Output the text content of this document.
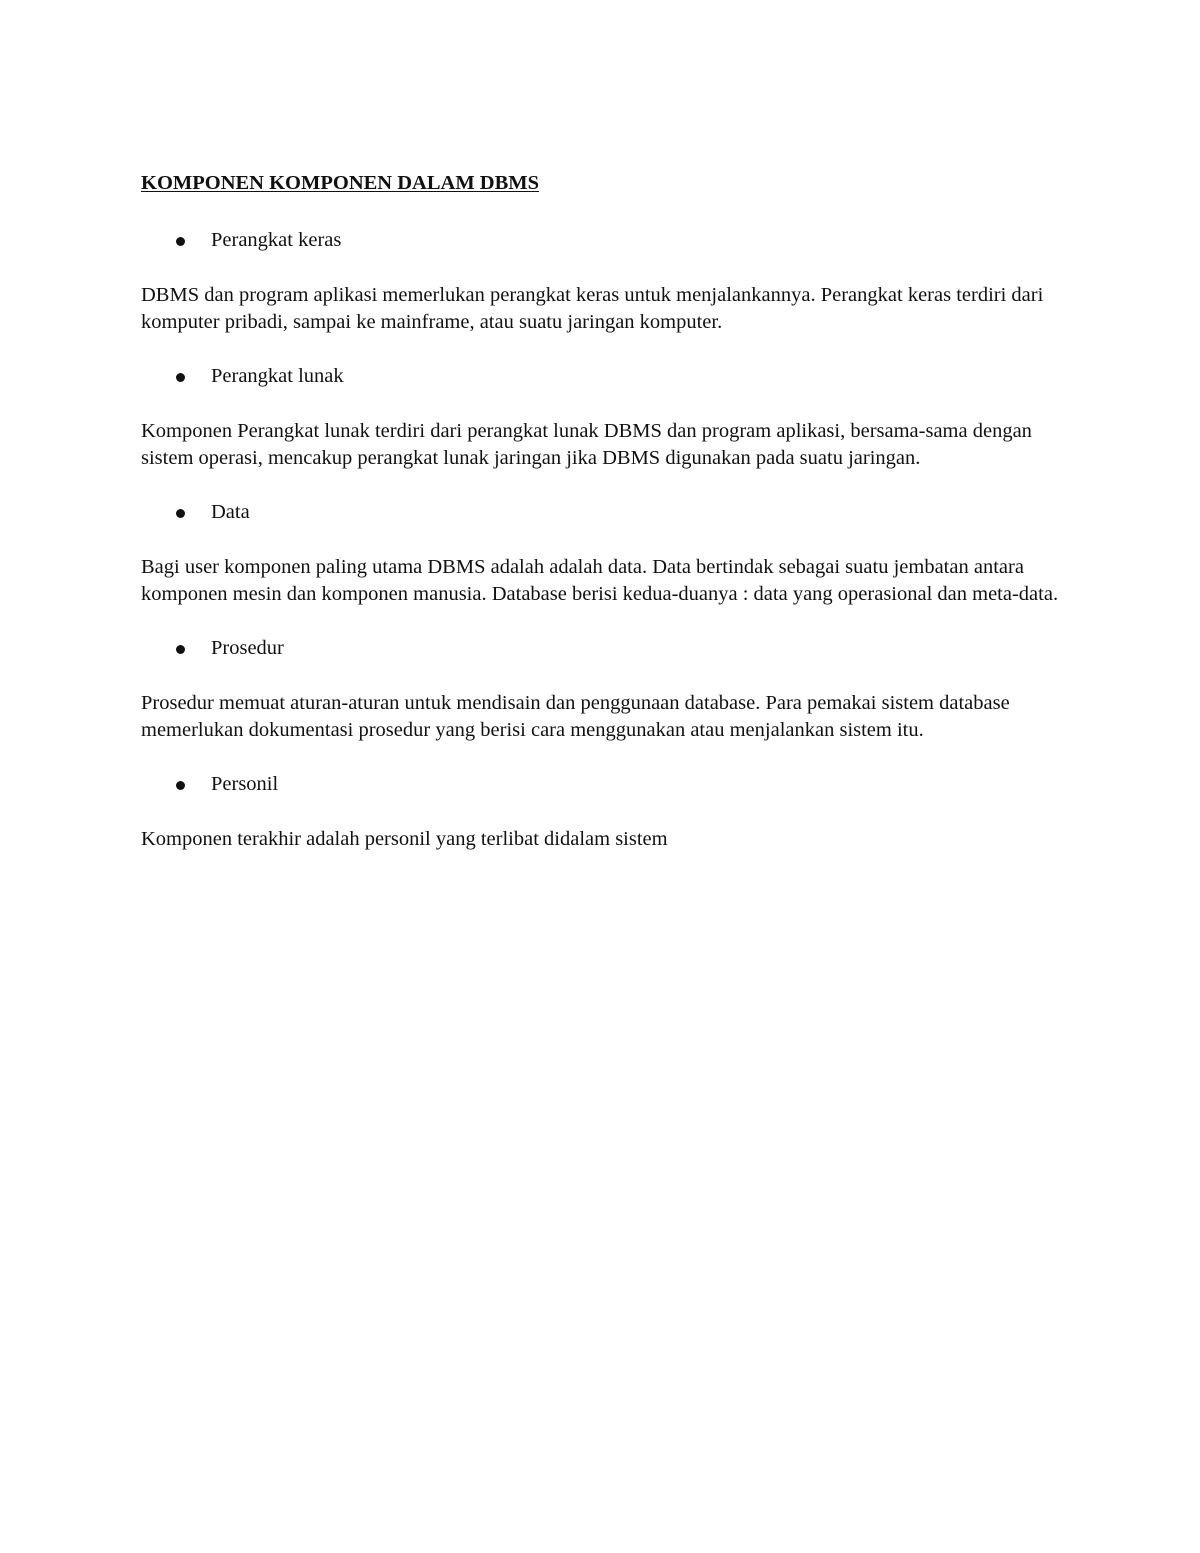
KOMPONEN KOMPONEN DALAM DBMS

Perangkat keras

DBMS dan program aplikasi memerlukan perangkat keras untuk menjalankannya. Perangkat keras terdiri dari komputer pribadi, sampai ke mainframe, atau suatu jaringan komputer.

Perangkat lunak

Komponen Perangkat lunak terdiri dari perangkat lunak DBMS dan program aplikasi, bersama-sama dengan sistem operasi, mencakup perangkat lunak jaringan jika DBMS digunakan pada suatu jaringan.

Data

Bagi user komponen paling utama DBMS adalah adalah data. Data bertindak sebagai suatu jembatan antara komponen mesin dan komponen manusia. Database berisi kedua-duanya : data yang operasional dan meta-data.

Prosedur

Prosedur memuat aturan-aturan untuk mendisain dan penggunaan database. Para pemakai sistem database memerlukan dokumentasi prosedur yang berisi cara menggunakan atau menjalankan sistem itu.

Personil

Komponen terakhir adalah personil yang terlibat didalam sistem
